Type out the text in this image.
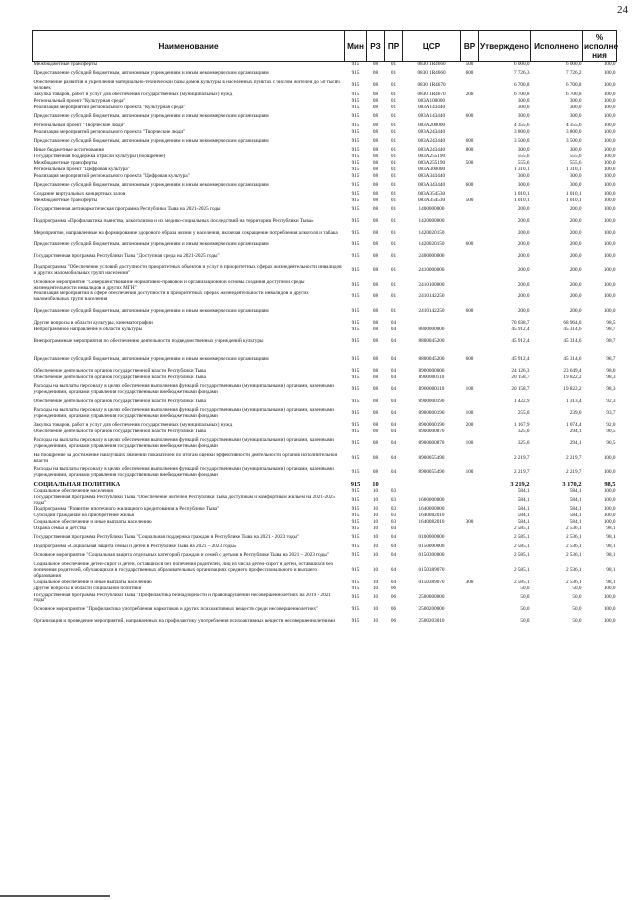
24
Наименование	Мин	РЗ	ПР	ЦСР	ВР	Утверждено	Исполнено	% исполне ния
Межбюджетные трансферты	915	08	01	0830 1R4660	500	6 000,0	6 000,0	100,0
Предоставление субсидий бюджетным, автономным учреждениям и иным некоммерческим организациям	915	08	01	0830 1R4660	600	7 726,3	7 726,2	100,0
Обеспечение развития и укрепления материально-технической базы домов культуры в населенных пунктах с числом жителей до 50 тысяч человек	915	08	01	0830 1R4670		6 700,8	6 700,8	100,0
Закупка товаров, работ и услуг для обеспечения государственных (муниципальных) нужд	915	08	01	0830 1R4670	200	6 700,8	6 700,8	100,0
Региональный проект "Культурная среда"	915	08	01	083A100000		300,0	300,0	100,0
Реализация мероприятий регионального проекта "Культурная среда"	915	08	01	083A143440		300,0	300,0	100,0
Предоставление субсидий бюджетным, автономным учреждениям и иным некоммерческим организациям	915	08	01	083A143440	600	300,0	300,0	100,0
Региональный проект "Творческие люди"	915	08	01	083A200000		4 355,6	4 355,6	100,0
Реализация мероприятий регионального проекта "Творческие люди"	915	08	01	083A243440		3 800,0	3 800,0	100,0
Предоставление субсидий бюджетным, автономным учреждениям и иным некоммерческим организациям	915	08	01	083A243440	600	3 500,0	3 500,0	100,0
Иные бюджетные ассигнования	915	08	01	083A243440	800	300,0	300,0	100,0
Государственная поддержка отрасли культуры (поощрение)	915	08	01	083A255190		555,6	555,6	100,0
Межбюджетные трансферты	915	08	01	083A255190	500	555,6	555,6	100,0
Региональный проект "Цифровая культура"	915	08	01	083A300000		1 310,1	1 310,1	100,0
Реализация мероприятий регионального проекта "Цифровая культура"	915	08	01	083A343440		300,0	300,0	100,0
Предоставление субсидий бюджетным, автономным учреждениям и иным некоммерческим организациям	915	08	01	083A343440	600	300,0	300,0	100,0
Создание виртуальных концертных залов	915	08	01	083A354530		1 010,1	1 010,1	100,0
Межбюджетные трансферты	915	08	01	083A354530	500	1 010,1	1 010,1	100,0
Государственная антинаркотическая программа Республики Тыва на 2021-2025 годы	915	08	01	1400000000		200,0	200,0	100,0
Подпрограмма «Профилактика пьянства, алкоголизма и их медико-социальных последствий на территории Республики Тыва»	915	08	01	1420000000		200,0	200,0	100,0
Мероприятие, направленные на формирование здорового образа жизни у населения, включая сокращение потребления алкоголя и табака	915	08	01	1420020150		200,0	200,0	100,0
Предоставление субсидий бюджетным, автономным учреждениям и иным некоммерческим организациям	915	08	01	1420020150	600	200,0	200,0	100,0
Государственная программа Республики Тыва "Доступная среда на 2021-2025 годы"	915	08	01	2400000000		200,0	200,0	100,0
Подпрограмма "Обеспечение условий доступности приоритетных объектов и услуг в приоритетных сферах жизнедеятельности инвалидов и других маломобильных групп населения"	915	08	01	2410000000		200,0	200,0	100,0
Основное мероприятие "Совершенствование нормативно-правовой и организационной основы создания доступной среды жизнедеятельности инвалидов и других МГН"	915	08	01	2410100000		200,0	200,0	100,0
Реализация мероприятий в сфере обеспечения доступности в приоритетных сферах жизнедеятельности инвалидов и других маломобильных групп населения	915	08	01	2410142250		200,0	200,0	100,0
Предоставление субсидий бюджетным, автономным учреждениям и иным некоммерческим организациям	915	08	01	2410142250	600	200,0	200,0	100,0
Другие вопросы в области культуры, кинематографии	915	08	04			70 038,7	68 964,0	98,5
Непрограммное направление в области культуры	915	08	04	8800000000		45 912,4	45 314,6	98,7
Внепрограммные мероприятия по обеспечению деятельности подведомственных учреждений культуры	915	08	04	8800045200		45 912,4	45 314,6	98,7
Предоставление субсидий бюджетным, автономным учреждениям и иным некоммерческим организациям	915	08	04	8800045200	600	45 912,4	45 314,6	98,7
Обеспечение деятельности органов государственной власти Республики Тыва	915	08	04	8900000000		24 126,3	23 649,4	98,0
Обеспечение деятельности органов государственной власти Республики Тыва	915	08	04	8900000110		20 158,7	19 822,2	98,3
Расходы на выплаты персоналу в целях обеспечения выполнения функций государственными (муниципальными) органами, казенными учреждениями, органами управления государственными внебюджетными фондами	915	08	04	8900000110	100	20 158,7	19 822,2	98,3
Обеспечение деятельности органов государственной власти Республики Тыва	915	08	04	8900000190		1 422,9	1 313,4	92,3
Расходы на выплаты персоналу в целях обеспечения выполнения функций государственными (муниципальными) органами, казенными учреждениями, органами управления государственными внебюджетными фондами	915	08	04	8900000190	100	255,0	239,0	93,7
Закупка товаров, работ и услуг для обеспечения государственных (муниципальных) нужд	915	08	04	8900000190	200	1 167,9	1 074,4	92,0
Обеспечение деятельности органов государственной власти Республики Тыва	915	08	04	8900000870		325,0	294,1	90,5
Расходы на выплаты персоналу в целях обеспечения выполнения функций государственными (муниципальными) органами, казенными учреждениями, органами управления государственными внебюджетными фондами	915	08	04	8900000870	100	325,0	294,1	90,5
На поощрение за достижение наилучших значений показателей по итогам оценки эффективности деятельности органов исполнительной власти	915	08	04	8900055490		2 219,7	2 219,7	100,0
Расходы на выплаты персоналу в целях обеспечения выполнения функций государственными (муниципальными) органами, казенными учреждениями, органами управления государственными внебюджетными фондами	915	08	04	8900055490	100	2 219,7	2 219,7	100,0
СОЦИАЛЬНАЯ ПОЛИТИКА	915	10				3 219,2	3 170,2	98,5
Социальное обеспечение населения	915	10	03			584,1	584,1	100,0
Государственная программа Республики Тыва "Обеспечение жителей Республики Тыва доступным и комфортным жильем на 2021-2025 годы"	915	10	03	1600000000		584,1	584,1	100,0
Подпрограмма "Развитие ипотечного жилищного кредитования в Республике Тыва"	915	10	03	1640000000		584,1	584,1	100,0
Субсидии гражданам на приобретение жилья	915	10	03	1640082010		584,1	584,1	100,0
Социальное обеспечение и иные выплаты населению	915	10	03	1640082010	300	584,1	584,1	100,0
Охрана семьи и детства	915	10	04			2 585,1	2 536,1	98,1
Государственная программа Республики Тыва "Социальная поддержка граждан в Республике Тыва на 2021 - 2023 годы"	915	10	04	0100000000		2 585,1	2 536,1	98,1
Подпрограмма «Социальная защита семьи и детей в Республике Тыва на 2021 – 2023 годы»	915	10	04	0150000000		2 585,1	2 536,1	98,1
Основное мероприятие "Социальная защита отдельных категорий граждан и семей с детьми в Республике Тыва на 2021 – 2023 годы"	915	10	04	0150300000		2 585,1	2 536,1	98,1
Социальное обеспечение детей-сирот и детей, оставшихся без попечения родителей, лиц из числа детей-сирот и детей, оставшихся без попечения родителей, обучающихся в государственных образовательных организациях среднего профессионального и высшего образования	915	10	04	0150389070		2 585,1	2 536,1	98,1
Социальное обеспечение и иные выплаты населению	915	10	04	0150389070	300	2 585,1	2 536,1	98,1
Другие вопросы в области социальной политики	915	10	06			50,0	50,0	100,0
Государственная программа Республики Тыва "Профилактика безнадзорности и правонарушений несовершеннолетних на 2019 - 2021 годы"	915	10	06	2500000000		50,0	50,0	100,0
Основное мероприятие "Профилактика употребления наркотиков и других психоактивных веществ среди несовершеннолетних"	915	10	06	2500200000		50,0	50,0	100,0
Организация и проведение мероприятий, направленных на профилактику употребления психоактивных веществ несовершеннолетними	915	10	06	2500203010		50,0	50,0	100,0
